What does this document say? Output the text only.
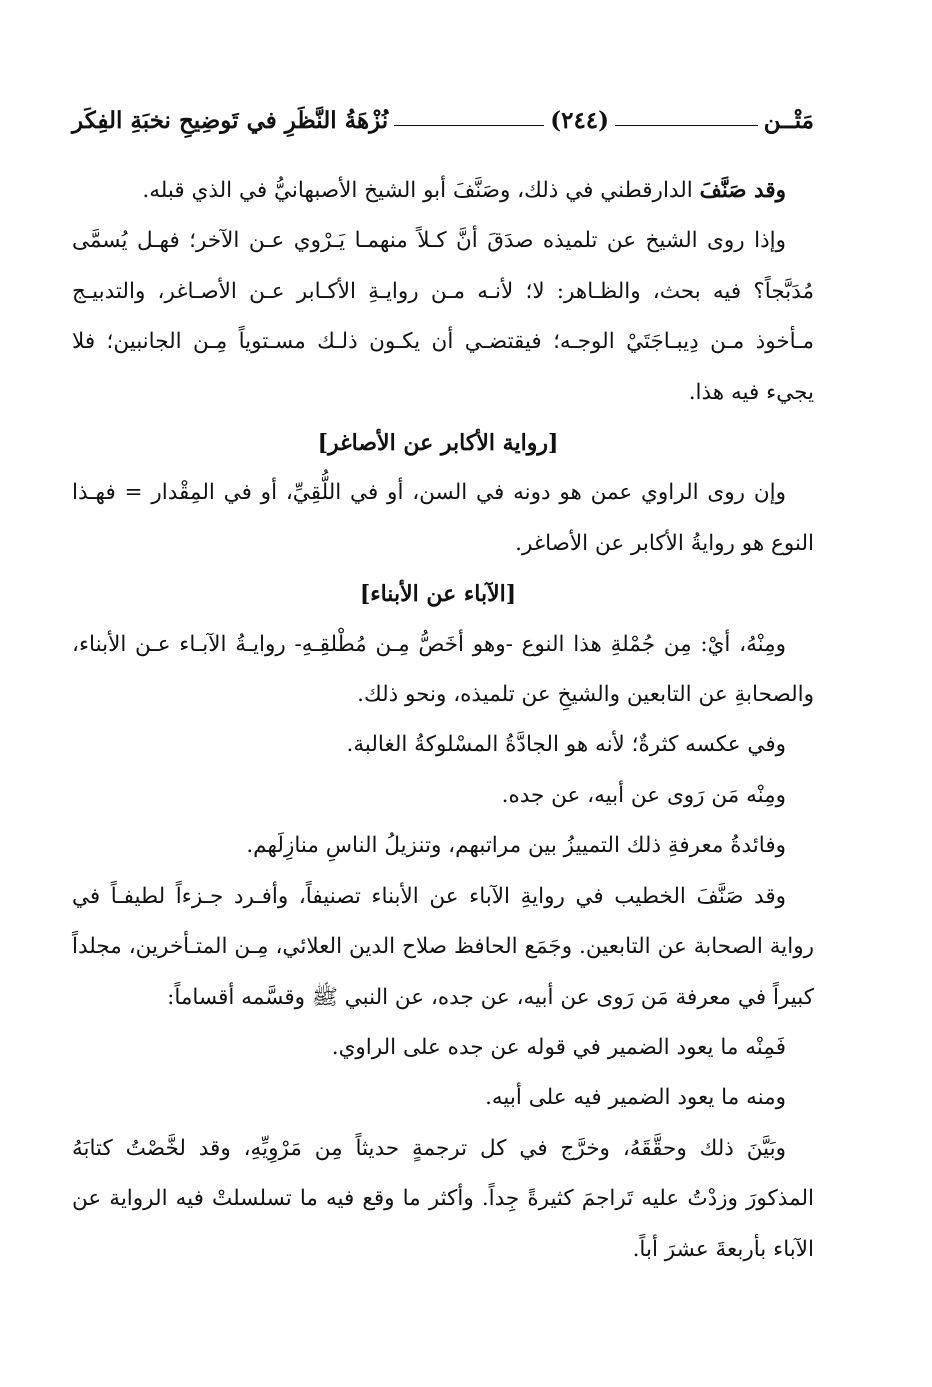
مَتْــن
(٢٤٤)
نُزْهَةُ النَّظَرِ في تَوضِيحِ نخبَةِ الفِكَر

وقد صَنَّفَ الدارقطني في ذلك، وصَنَّفَ أبو الشيخ الأصبهانيُّ في الذي قبله.

وإذا روى الشيخ عن تلميذه صدَقَ أنَّ كـلاً منهمـا يَـرْوي عـن الآخر؛ فهـل يُسمَّى مُدَبَّجاً؟ فيه بحث، والظـاهر: لا؛ لأنـه مـن روايـةِ الأكـابر عـن الأصـاغر، والتدبيـج مـأخوذ مـن دِيبـاجَتَيْ الوجـه؛ فيقتضـي أن يكـون ذلـك مسـتوياً مِـن الجانبين؛ فلا يجيء فيه هذا.

[رواية الأكابر عن الأصاغر]

وإن روى الراوي عمن هو دونه في السن، أو في اللُّقِيِّ، أو في المِقْدار = فهـذا النوع هو روايةُ الأكابر عن الأصاغر.

[الآباء عن الأبناء]

ومِنْهُ، أيْ: مِن جُمْلةِ هذا النوع -وهو أخَصُّ مِـن مُطْلقِـهِ- روايـةُ الآبـاء عـن الأبناء، والصحابةِ عن التابعين والشيخِ عن تلميذه، ونحو ذلك.

وفي عكسه كثرةٌ؛ لأنه هو الجادَّةُ المسْلوكةُ الغالبة.

ومِنْه مَن رَوى عن أبيه، عن جده.

وفائدةُ معرفةِ ذلك التمييزُ بين مراتبهم، وتنزيلُ الناسِ منازِلَهم.

وقد صَنَّفَ الخطيب في روايةِ الآباء عن الأبناء تصنيفاً، وأفـرد جـزءاً لطيفـاً في رواية الصحابة عن التابعين. وجَمَع الحافظ صلاح الدين العلائي، مِـن المتـأخرين، مجلداً كبيراً في معرفة مَن رَوى عن أبيه، عن جده، عن النبي ﷺ وقسَّمه أقساماً:

فَمِنْه ما يعود الضمير في قوله عن جده على الراوي.

ومنه ما يعود الضمير فيه على أبيه.

وبَيَّنَ ذلك وحقَّقَهُ، وخرَّج في كل ترجمةٍ حديثاً مِن مَرْوِيِّهِ، وقد لخَّصْتُ كتابَهُ المذكورَ وزدْتُ عليه تَراجمَ كثيرةً جِداً. وأكثر ما وقع فيه ما تسلسلتْ فيه الرواية عن الآباء بأربعةَ عشرَ أباً.
